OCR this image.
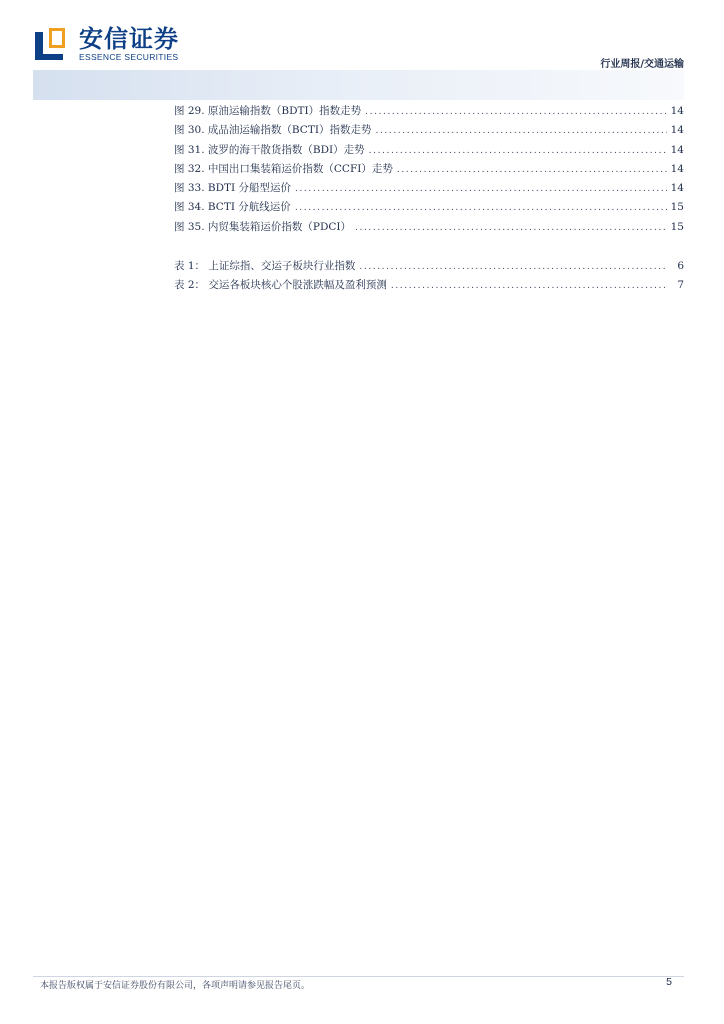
安信证券
ESSENCE SECURITIES
行业周报/交通运输
图 29. 原油运输指数（BDTI）指数走势 .....	14
图 30. 成品油运输指数（BCTI）指数走势 .....	14
图 31. 波罗的海干散货指数（BDI）走势 .....	14
图 32. 中国出口集装箱运价指数（CCFI）走势 .....	14
图 33. BDTI 分船型运价 .....	14
图 34. BCTI 分航线运价 .....	15
图 35. 内贸集装箱运价指数（PDCI） .....	15
表 1： 上证综指、交运子板块行业指数 .....	6
表 2： 交运各板块核心个股涨跌幅及盈利预测 .....	7
本报告版权属于安信证券股份有限公司，各项声明请参见报告尾页。	5
